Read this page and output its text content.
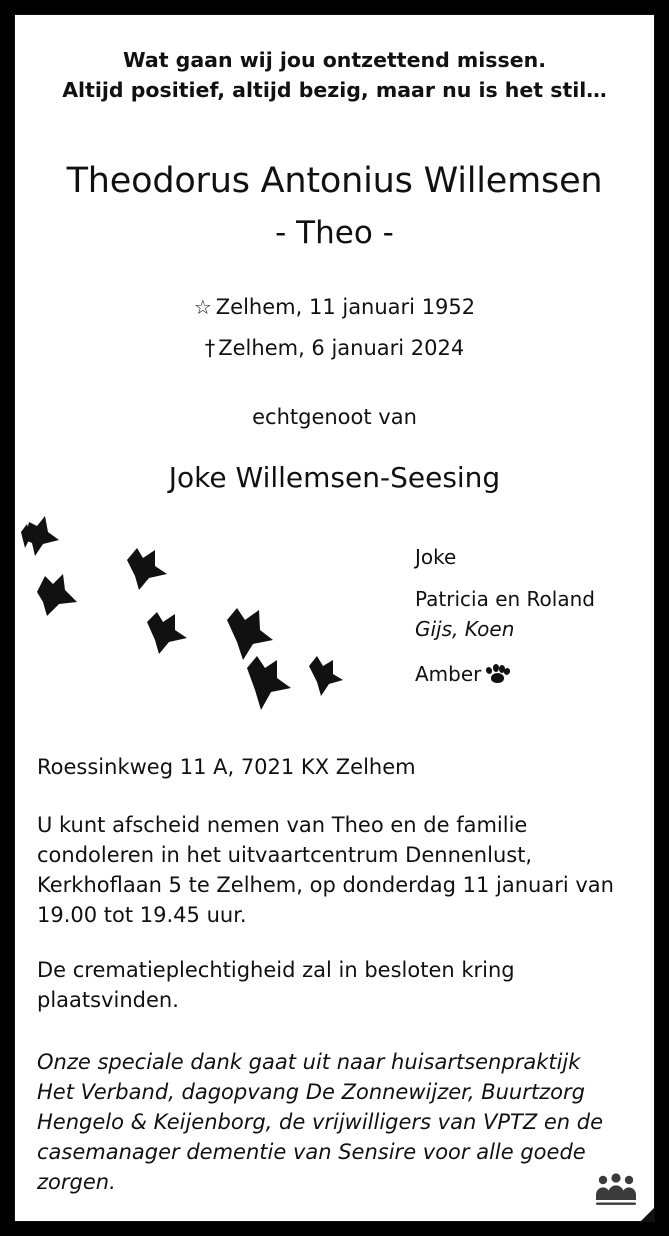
Wat gaan wij jou ontzettend missen.
Altijd positief, altijd bezig, maar nu is het stil…
Theodorus Antonius Willemsen
- Theo -
☆ Zelhem, 11 januari 1952
† Zelhem, 6 januari 2024
echtgenoot van
Joke Willemsen-Seesing
Joke
Patricia en Roland
Gijs, Koen
Amber
Roessinkweg 11 A, 7021 KX Zelhem
U kunt afscheid nemen van Theo en de familie condoleren in het uitvaartcentrum Dennenlust, Kerkhoflaan 5 te Zelhem, op donderdag 11 januari van 19.00 tot 19.45 uur.
De crematieplechtigheid zal in besloten kring plaatsvinden.
Onze speciale dank gaat uit naar huisartsenpraktijk Het Verband, dagopvang De Zonnewijzer, Buurtzorg Hengelo & Keijenborg, de vrijwilligers van VPTZ en de casemanager dementie van Sensire voor alle goede zorgen.
